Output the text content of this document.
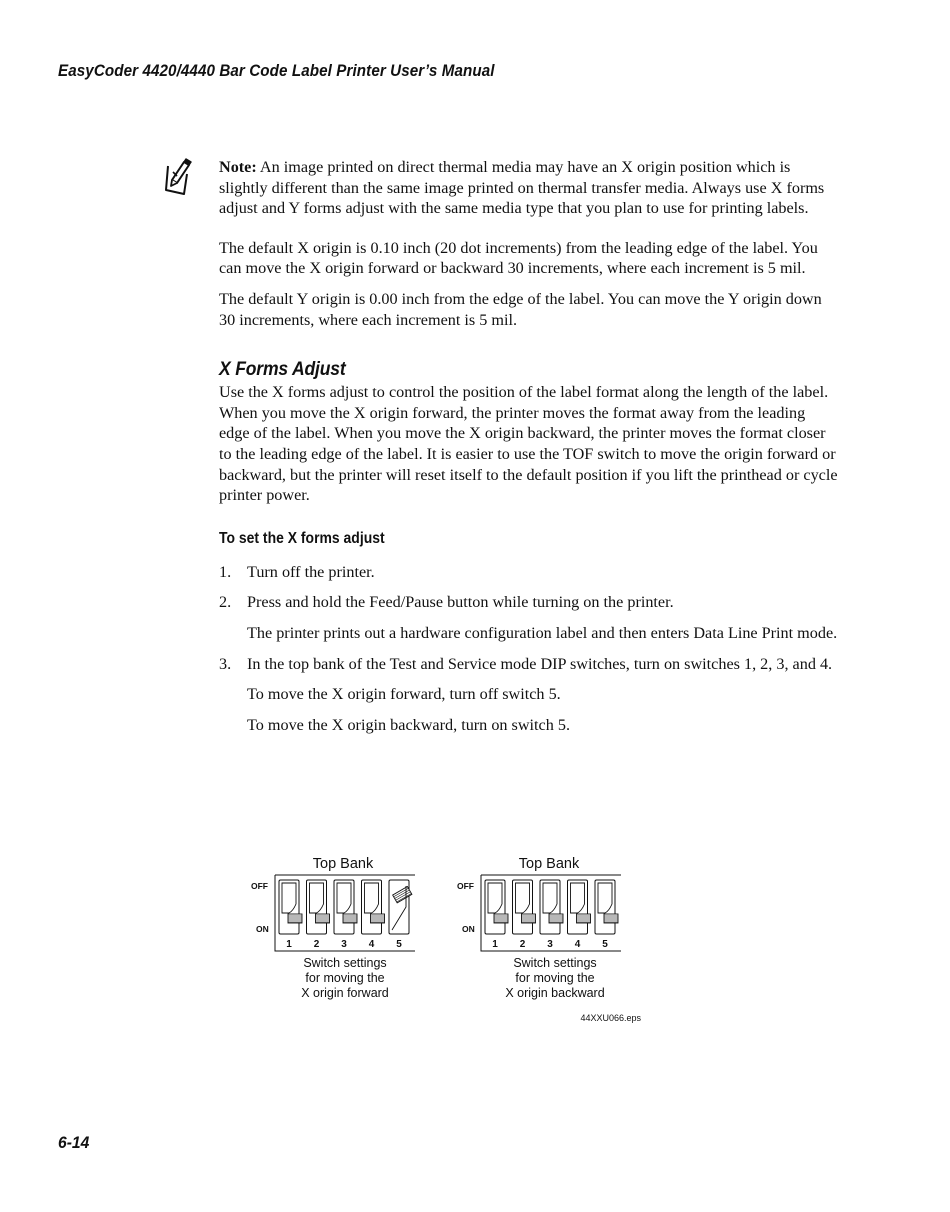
EasyCoder 4420/4440 Bar Code Label Printer User’s Manual

Note: An image printed on direct thermal media may have an X origin position which is slightly different than the same image printed on thermal transfer media. Always use X forms adjust and Y forms adjust with the same media type that you plan to use for printing labels.

The default X origin is 0.10 inch (20 dot increments) from the leading edge of the label. You can move the X origin forward or backward 30 increments, where each increment is 5 mil.

The default Y origin is 0.00 inch from the edge of the label. You can move the Y origin down 30 increments, where each increment is 5 mil.

X Forms Adjust

Use the X forms adjust to control the position of the label format along the length of the label. When you move the X origin forward, the printer moves the format away from the leading edge of the label. When you move the X origin backward, the printer moves the format closer to the leading edge of the label. It is easier to use the TOF switch to move the origin forward or backward, but the printer will reset itself to the default position if you lift the printhead or cycle printer power.

To set the X forms adjust
1. Turn off the printer.
2. Press and hold the Feed/Pause button while turning on the printer.

The printer prints out a hardware configuration label and then enters Data Line Print mode.

3. In the top bank of the Test and Service mode DIP switches, turn on switches 1, 2, 3, and 4.

To move the X origin forward, turn off switch 5.

To move the X origin backward, turn on switch 5.

Top Bank
OFF
ON
1 2 3 4 5
Switch settings
for moving the
X origin forward
Top Bank
OFF
ON
1 2 3 4 5
Switch settings
for moving the
X origin backward
44XXU066.eps
6-14
